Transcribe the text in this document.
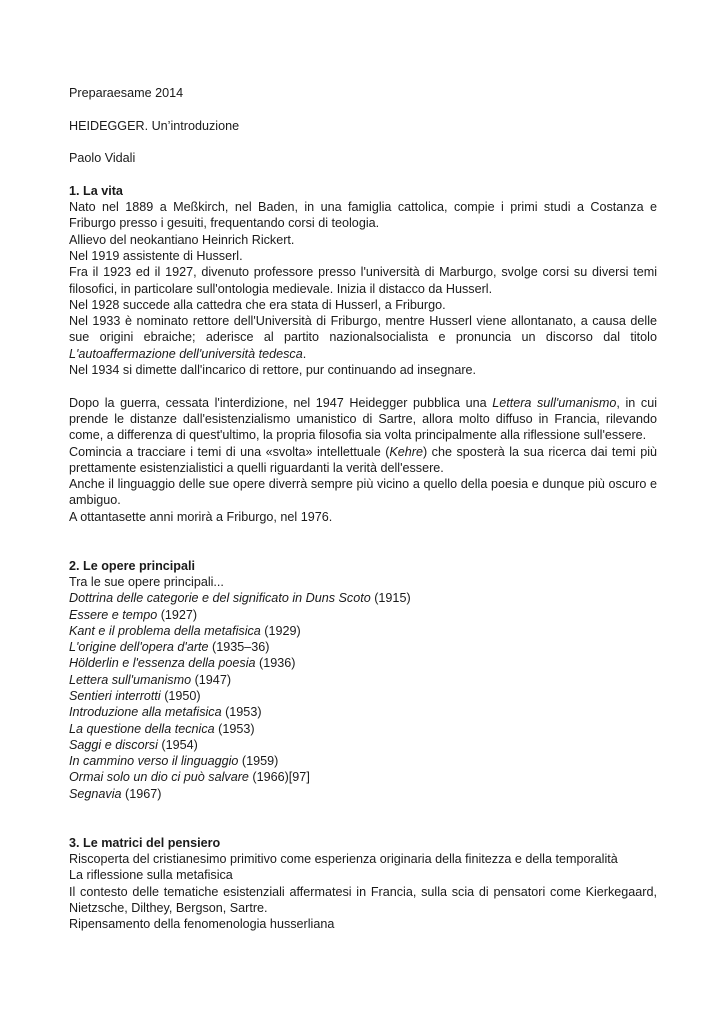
Preparaesame 2014

HEIDEGGER. Un’introduzione

Paolo Vidali

1. La vita

Nato nel 1889 a Meßkirch, nel Baden, in una famiglia cattolica, compie i primi studi a Costanza e Friburgo presso i gesuiti, frequentando corsi di teologia.

Allievo del neokantiano Heinrich Rickert.

Nel 1919 assistente di Husserl.

Fra il 1923 ed il 1927, divenuto professore presso l'università di Marburgo, svolge corsi su diversi temi filosofici, in particolare sull'ontologia medievale. Inizia il distacco da Husserl.

Nel 1928 succede alla cattedra che era stata di Husserl, a Friburgo.

Nel 1933 è nominato rettore dell'Università di Friburgo, mentre Husserl viene allontanato, a causa delle sue origini ebraiche; aderisce al partito nazionalsocialista e pronuncia un discorso dal titolo L'autoaffermazione dell'università tedesca.

Nel 1934 si dimette dall'incarico di rettore, pur continuando ad insegnare.

Dopo la guerra, cessata l'interdizione, nel 1947 Heidegger pubblica una Lettera sull'umanismo, in cui prende le distanze dall'esistenzialismo umanistico di Sartre, allora molto diffuso in Francia, rilevando come, a differenza di quest'ultimo, la propria filosofia sia volta principalmente alla riflessione sull'essere.

Comincia a tracciare i temi di una «svolta» intellettuale (Kehre) che sposterà la sua ricerca dai temi più prettamente esistenzialistici a quelli riguardanti la verità dell'essere.

Anche il linguaggio delle sue opere diverrà sempre più vicino a quello della poesia e dunque più oscuro e ambiguo.

A ottantasette anni morirà a Friburgo, nel 1976.

2. Le opere principali

Tra le sue opere principali...

Dottrina delle categorie e del significato in Duns Scoto (1915)

Essere e tempo (1927)

Kant e il problema della metafisica (1929)

L'origine dell'opera d'arte (1935–36)

Hölderlin e l'essenza della poesia (1936)

Lettera sull'umanismo (1947)

Sentieri interrotti (1950)

Introduzione alla metafisica (1953)

La questione della tecnica (1953)

Saggi e discorsi (1954)

In cammino verso il linguaggio (1959)

Ormai solo un dio ci può salvare (1966)[97]

Segnavia (1967)

3. Le matrici del pensiero

Riscoperta del cristianesimo primitivo come esperienza originaria della finitezza e della temporalità

La riflessione sulla metafisica

Il contesto delle tematiche esistenziali affermatesi in Francia, sulla scia di pensatori come Kierkegaard, Nietzsche, Dilthey, Bergson, Sartre.

Ripensamento della fenomenologia husserliana
